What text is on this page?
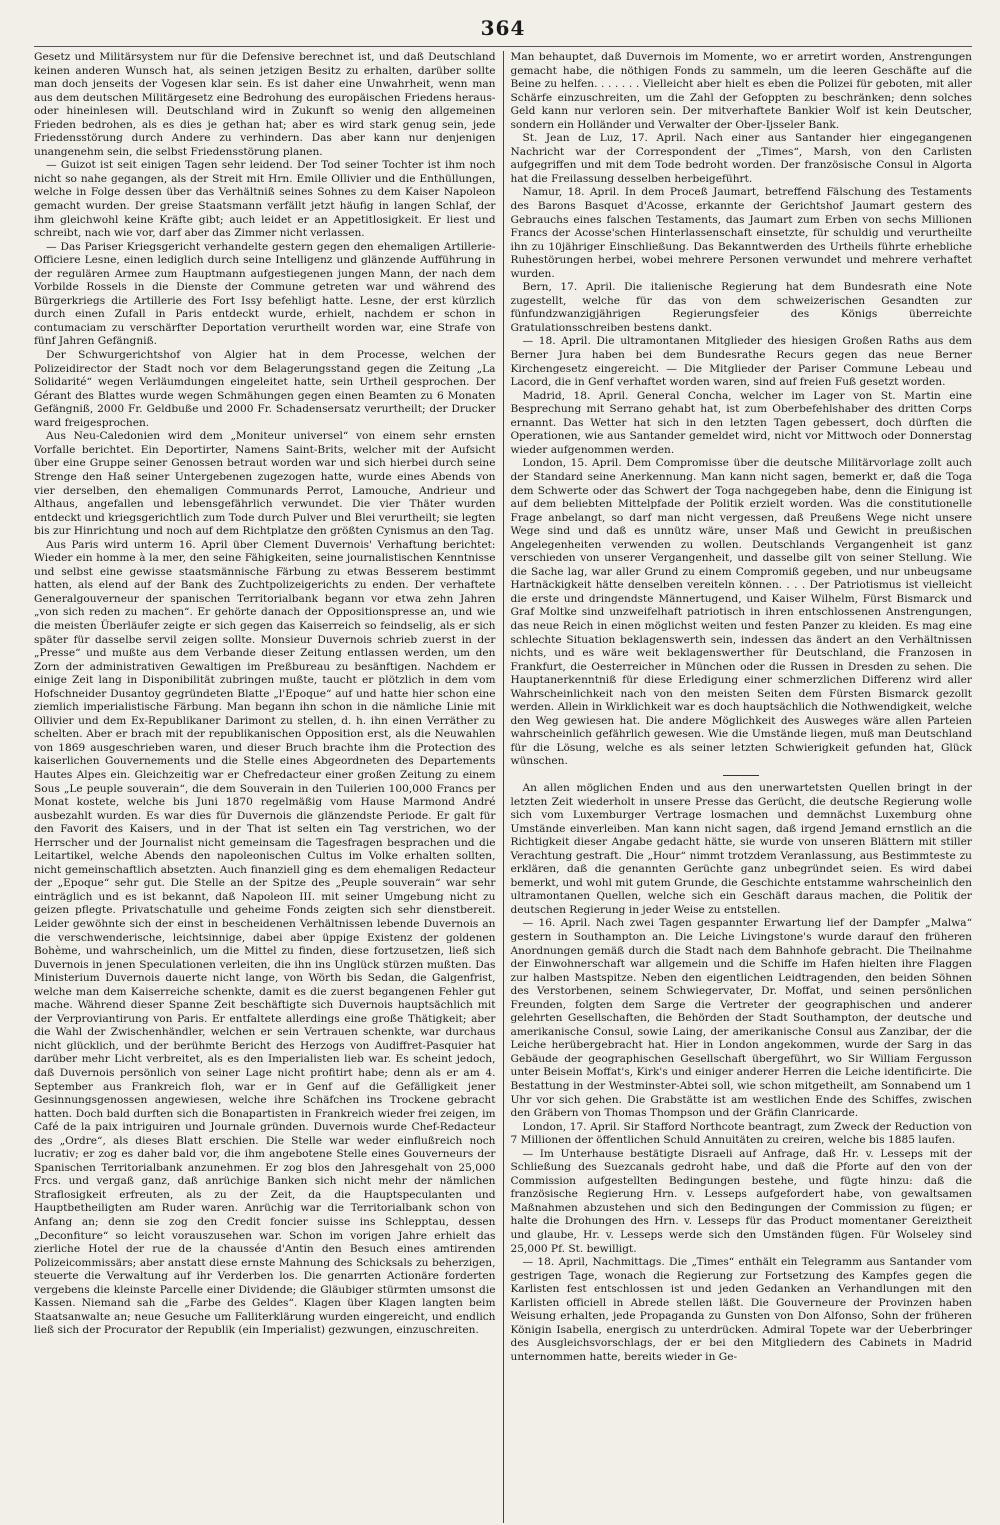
364

Gesetz und Militärsystem nur für die Defensive berechnet ist, und daß Deutschland keinen anderen Wunsch hat, als seinen jetzigen Besitz zu erhalten, darüber sollte man doch jenseits der Vogesen klar sein. Es ist daher eine Unwahrheit, wenn man aus dem deutschen Militärgesetz eine Bedrohung des europäischen Friedens heraus- oder hineinlesen will. Deutschland wird in Zukunft so wenig den allgemeinen Frieden bedrohen, als es dies je gethan hat; aber es wird stark genug sein, jede Friedensstörung durch Andere zu verhindern. Das aber kann nur denjenigen unangenehm sein, die selbst Friedensstörung planen.

— Guizot ist seit einigen Tagen sehr leidend. Der Tod seiner Tochter ist ihm noch nicht so nahe gegangen, als der Streit mit Hrn. Emile Ollivier und die Enthüllungen, welche in Folge dessen über das Verhältniß seines Sohnes zu dem Kaiser Napoleon gemacht wurden. Der greise Staatsmann verfällt jetzt häufig in langen Schlaf, der ihm gleichwohl keine Kräfte gibt; auch leidet er an Appetitlosigkeit. Er liest und schreibt, nach wie vor, darf aber das Zimmer nicht verlassen.

— Das Pariser Kriegsgericht verhandelte gestern gegen den ehemaligen Artillerie-Officiere Lesne, einen lediglich durch seine Intelligenz und glänzende Aufführung in der regulären Armee zum Hauptmann aufgestiegenen jungen Mann, der nach dem Vorbilde Rossels in die Dienste der Commune getreten war und während des Bürgerkriegs die Artillerie des Fort Issy befehligt hatte. Lesne, der erst kürzlich durch einen Zufall in Paris entdeckt wurde, erhielt, nachdem er schon in contumaciam zu verschärfter Deportation verurtheilt worden war, eine Strafe von fünf Jahren Gefängniß.

Der Schwurgerichtshof von Algier hat in dem Processe, welchen der Polizeidirector der Stadt noch vor dem Belagerungsstand gegen die Zeitung „La Solidarité“ wegen Verläumdungen eingeleitet hatte, sein Urtheil gesprochen. Der Gérant des Blattes wurde wegen Schmähungen gegen einen Beamten zu 6 Monaten Gefängniß, 2000 Fr. Geldbuße und 2000 Fr. Schadensersatz verurtheilt; der Drucker ward freigesprochen.

Aus Neu-Caledonien wird dem „Moniteur universel“ von einem sehr ernsten Vorfalle berichtet. Ein Deportirter, Namens Saint-Brits, welcher mit der Aufsicht über eine Gruppe seiner Genossen betraut worden war und sich hierbei durch seine Strenge den Haß seiner Untergebenen zugezogen hatte, wurde eines Abends von vier derselben, den ehemaligen Communards Perrot, Lamouche, Andrieur und Althaus, angefallen und lebensgefährlich verwundet. Die vier Thäter wurden entdeckt und kriegsgerichtlich zum Tode durch Pulver und Blei verurtheilt; sie legten bis zur Hinrichtung und noch auf dem Richtplatze den größten Cynismus an den Tag.

Aus Paris wird unterm 16. April über Clement Duvernois' Verhaftung berichtet: Wieder ein homme à la mer, den seine Fähigkeiten, seine journalistischen Kenntnisse und selbst eine gewisse staatsmännische Färbung zu etwas Besserem bestimmt hatten, als elend auf der Bank des Zuchtpolizeigerichts zu enden. Der verhaftete Generalgouverneur der spanischen Territorialbank begann vor etwa zehn Jahren „von sich reden zu machen“. Er gehörte danach der Oppositionspresse an, und wie die meisten Überläufer zeigte er sich gegen das Kaiserreich so feindselig, als er sich später für dasselbe servil zeigen sollte. Monsieur Duvernois schrieb zuerst in der „Presse“ und mußte aus dem Verbande dieser Zeitung entlassen werden, um den Zorn der administrativen Gewaltigen im Preßbureau zu besänftigen. Nachdem er einige Zeit lang in Disponibilität zubringen mußte, taucht er plötzlich in dem vom Hofschneider Dusantoy gegründeten Blatte „l'Epoque“ auf und hatte hier schon eine ziemlich imperialistische Färbung. Man begann ihn schon in die nämliche Linie mit Ollivier und dem Ex-Republikaner Darimont zu stellen, d. h. ihn einen Verräther zu schelten. Aber er brach mit der republikanischen Opposition erst, als die Neuwahlen von 1869 ausgeschrieben waren, und dieser Bruch brachte ihm die Protection des kaiserlichen Gouvernements und die Stelle eines Abgeordneten des Departements Hautes Alpes ein. Gleichzeitig war er Chefredacteur einer großen Zeitung zu einem Sous „Le peuple souverain“, die dem Souverain in den Tuilerien 100,000 Francs per Monat kostete, welche bis Juni 1870 regelmäßig vom Hause Marmond André ausbezahlt wurden. Es war dies für Duvernois die glänzendste Periode. Er galt für den Favorit des Kaisers, und in der That ist selten ein Tag verstrichen, wo der Herrscher und der Journalist nicht gemeinsam die Tagesfragen besprachen und die Leitartikel, welche Abends den napoleonischen Cultus im Volke erhalten sollten, nicht gemeinschaftlich absetzten. Auch finanziell ging es dem ehemaligen Redacteur der „Epoque“ sehr gut. Die Stelle an der Spitze des „Peuple souverain“ war sehr einträglich und es ist bekannt, daß Napoleon III. mit seiner Umgebung nicht zu geizen pflegte. Privatschatulle und geheime Fonds zeigten sich sehr dienstbereit. Leider gewöhnte sich der einst in bescheidenen Verhältnissen lebende Duvernois an die verschwenderische, leichtsinnige, dabei aber üppige Existenz der goldenen Bohème, und wahrscheinlich, um die Mittel zu finden, diese fortzusetzen, ließ sich Duvernois in jenen Speculationen verleiten, die ihn ins Unglück stürzen mußten. Das Ministerium Duvernois dauerte nicht lange, von Wörth bis Sedan, die Galgenfrist, welche man dem Kaiserreiche schenkte, damit es die zuerst begangenen Fehler gut mache. Während dieser Spanne Zeit beschäftigte sich Duvernois hauptsächlich mit der Verproviantirung von Paris. Er entfaltete allerdings eine große Thätigkeit; aber die Wahl der Zwischenhändler, welchen er sein Vertrauen schenkte, war durchaus nicht glücklich, und der berühmte Bericht des Herzogs von Audiffret-Pasquier hat darüber mehr Licht verbreitet, als es den Imperialisten lieb war. Es scheint jedoch, daß Duvernois persönlich von seiner Lage nicht profitirt habe; denn als er am 4. September aus Frankreich floh, war er in Genf auf die Gefälligkeit jener Gesinnungsgenossen angewiesen, welche ihre Schäfchen ins Trockene gebracht hatten. Doch bald durften sich die Bonapartisten in Frankreich wieder frei zeigen, im Café de la paix intriguiren und Journale gründen. Duvernois wurde Chef-Redacteur des „Ordre“, als dieses Blatt erschien. Die Stelle war weder einflußreich noch lucrativ; er zog es daher bald vor, die ihm angebotene Stelle eines Gouverneurs der Spanischen Territorialbank anzunehmen. Er zog blos den Jahresgehalt von 25,000 Frcs. und vergaß ganz, daß anrüchige Banken sich nicht mehr der nämlichen Straflosigkeit erfreuten, als zu der Zeit, da die Hauptspeculanten und Hauptbetheiligten am Ruder waren. Anrüchig war die Territorialbank schon von Anfang an; denn sie zog den Credit foncier suisse ins Schlepptau, dessen „Deconfiture“ so leicht vorauszusehen war. Schon im vorigen Jahre erhielt das zierliche Hotel der rue de la chaussée d'Antin den Besuch eines amtirenden Polizeicommissärs; aber anstatt diese ernste Mahnung des Schicksals zu beherzigen, steuerte die Verwaltung auf ihr Verderben los. Die genarrten Actionäre forderten vergebens die kleinste Parcelle einer Dividende; die Gläubiger stürmten umsonst die Kassen. Niemand sah die „Farbe des Geldes“. Klagen über Klagen langten beim Staatsanwalte an; neue Gesuche um Falliterklärung wurden eingereicht, und endlich ließ sich der Procurator der Republik (ein Imperialist) gezwungen, einzuschreiten.

Man behauptet, daß Duvernois im Momente, wo er arretirt worden, Anstrengungen gemacht habe, die nöthigen Fonds zu sammeln, um die leeren Geschäfte auf die Beine zu helfen. . . . . . . Vielleicht aber hielt es eben die Polizei für geboten, mit aller Schärfe einzuschreiten, um die Zahl der Gefoppten zu beschränken; denn solches Geld kann nur verloren sein. Der mitverhaftete Bankier Wolf ist kein Deutscher, sondern ein Holländer und Verwalter der Ober-Ijsseler Bank.

St. Jean de Luz, 17. April. Nach einer aus Santander hier eingegangenen Nachricht war der Correspondent der „Times“, Marsh, von den Carlisten aufgegriffen und mit dem Tode bedroht worden. Der französische Consul in Algorta hat die Freilassung desselben herbeigeführt.

Namur, 18. April. In dem Proceß Jaumart, betreffend Fälschung des Testaments des Barons Basquet d'Acosse, erkannte der Gerichtshof Jaumart gestern des Gebrauchs eines falschen Testaments, das Jaumart zum Erben von sechs Millionen Francs der Acosse'schen Hinterlassenschaft einsetzte, für schuldig und verurtheilte ihn zu 10jähriger Einschließung. Das Bekanntwerden des Urtheils führte erhebliche Ruhestörungen herbei, wobei mehrere Personen verwundet und mehrere verhaftet wurden.

Bern, 17. April. Die italienische Regierung hat dem Bundesrath eine Note zugestellt, welche für das von dem schweizerischen Gesandten zur fünfundzwanzigjährigen Regierungsfeier des Königs überreichte Gratulationsschreiben bestens dankt.

— 18. April. Die ultramontanen Mitglieder des hiesigen Großen Raths aus dem Berner Jura haben bei dem Bundesrathe Recurs gegen das neue Berner Kirchengesetz eingereicht. — Die Mitglieder der Pariser Commune Lebeau und Lacord, die in Genf verhaftet worden waren, sind auf freien Fuß gesetzt worden.

Madrid, 18. April. General Concha, welcher im Lager von St. Martin eine Besprechung mit Serrano gehabt hat, ist zum Oberbefehlshaber des dritten Corps ernannt. Das Wetter hat sich in den letzten Tagen gebessert, doch dürften die Operationen, wie aus Santander gemeldet wird, nicht vor Mittwoch oder Donnerstag wieder aufgenommen werden.

London, 15. April. Dem Compromisse über die deutsche Militärvorlage zollt auch der Standard seine Anerkennung. Man kann nicht sagen, bemerkt er, daß die Toga dem Schwerte oder das Schwert der Toga nachgegeben habe, denn die Einigung ist auf dem beliebten Mittelpfade der Politik erzielt worden. Was die constitutionelle Frage anbelangt, so darf man nicht vergessen, daß Preußens Wege nicht unsere Wege sind und daß es unnütz wäre, unser Maß und Gewicht in preußischen Angelegenheiten verwenden zu wollen. Deutschlands Vergangenheit ist ganz verschieden von unserer Vergangenheit, und dasselbe gilt von seiner Stellung. Wie die Sache lag, war aller Grund zu einem Compromiß gegeben, und nur unbeugsame Hartnäckigkeit hätte denselben vereiteln können. . . . Der Patriotismus ist vielleicht die erste und dringendste Männertugend, und Kaiser Wilhelm, Fürst Bismarck und Graf Moltke sind unzweifelhaft patriotisch in ihren entschlossenen Anstrengungen, das neue Reich in einen möglichst weiten und festen Panzer zu kleiden. Es mag eine schlechte Situation beklagenswerth sein, indessen das ändert an den Verhältnissen nichts, und es wäre weit beklagenswerther für Deutschland, die Franzosen in Frankfurt, die Oesterreicher in München oder die Russen in Dresden zu sehen. Die Hauptanerkenntniß für diese Erledigung einer schmerzlichen Differenz wird aller Wahrscheinlichkeit nach von den meisten Seiten dem Fürsten Bismarck gezollt werden. Allein in Wirklichkeit war es doch hauptsächlich die Nothwendigkeit, welche den Weg gewiesen hat. Die andere Möglichkeit des Ausweges wäre allen Parteien wahrscheinlich gefährlich gewesen. Wie die Umstände liegen, muß man Deutschland für die Lösung, welche es als seiner letzten Schwierigkeit gefunden hat, Glück wünschen.

An allen möglichen Enden und aus den unerwartetsten Quellen bringt in der letzten Zeit wiederholt in unsere Presse das Gerücht, die deutsche Regierung wolle sich vom Luxemburger Vertrage losmachen und demnächst Luxemburg ohne Umstände einverleiben. Man kann nicht sagen, daß irgend Jemand ernstlich an die Richtigkeit dieser Angabe gedacht hätte, sie wurde von unseren Blättern mit stiller Verachtung gestraft. Die „Hour“ nimmt trotzdem Veranlassung, aus Bestimmteste zu erklären, daß die genannten Gerüchte ganz unbegründet seien. Es wird dabei bemerkt, und wohl mit gutem Grunde, die Geschichte entstamme wahrscheinlich den ultramontanen Quellen, welche sich ein Geschäft daraus machen, die Politik der deutschen Regierung in jeder Weise zu entstellen.

— 16. April. Nach zwei Tagen gespannter Erwartung lief der Dampfer „Malwa“ gestern in Southampton an. Die Leiche Livingstone's wurde darauf den früheren Anordnungen gemäß durch die Stadt nach dem Bahnhofe gebracht. Die Theilnahme der Einwohnerschaft war allgemein und die Schiffe im Hafen hielten ihre Flaggen zur halben Mastspitze. Neben den eigentlichen Leidtragenden, den beiden Söhnen des Verstorbenen, seinem Schwiegervater, Dr. Moffat, und seinen persönlichen Freunden, folgten dem Sarge die Vertreter der geographischen und anderer gelehrten Gesellschaften, die Behörden der Stadt Southampton, der deutsche und amerikanische Consul, sowie Laing, der amerikanische Consul aus Zanzibar, der die Leiche herübergebracht hat. Hier in London angekommen, wurde der Sarg in das Gebäude der geographischen Gesellschaft übergeführt, wo Sir William Fergusson unter Beisein Moffat's, Kirk's und einiger anderer Herren die Leiche identificirte. Die Bestattung in der Westminster-Abtei soll, wie schon mitgetheilt, am Sonnabend um 1 Uhr vor sich gehen. Die Grabstätte ist am westlichen Ende des Schiffes, zwischen den Gräbern von Thomas Thompson und der Gräfin Clanricarde.

London, 17. April. Sir Stafford Northcote beantragt, zum Zweck der Reduction von 7 Millionen der öffentlichen Schuld Annuitäten zu creiren, welche bis 1885 laufen.

— Im Unterhause bestätigte Disraeli auf Anfrage, daß Hr. v. Lesseps mit der Schließung des Suezcanals gedroht habe, und daß die Pforte auf den von der Commission aufgestellten Bedingungen bestehe, und fügte hinzu: daß die französische Regierung Hrn. v. Lesseps aufgefordert habe, von gewaltsamen Maßnahmen abzustehen und sich den Bedingungen der Commission zu fügen; er halte die Drohungen des Hrn. v. Lesseps für das Product momentaner Gereiztheit und glaube, Hr. v. Lesseps werde sich den Umständen fügen. Für Wolseley sind 25,000 Pf. St. bewilligt.

— 18. April, Nachmittags. Die „Times“ enthält ein Telegramm aus Santander vom gestrigen Tage, wonach die Regierung zur Fortsetzung des Kampfes gegen die Karlisten fest entschlossen ist und jeden Gedanken an Verhandlungen mit den Karlisten officiell in Abrede stellen läßt. Die Gouverneure der Provinzen haben Weisung erhalten, jede Propaganda zu Gunsten von Don Alfonso, Sohn der früheren Königin Isabella, energisch zu unterdrücken. Admiral Topete war der Ueberbringer des Ausgleichsvorschlags, der er bei den Mitgliedern des Cabinets in Madrid unternommen hatte, bereits wieder in Ge-
